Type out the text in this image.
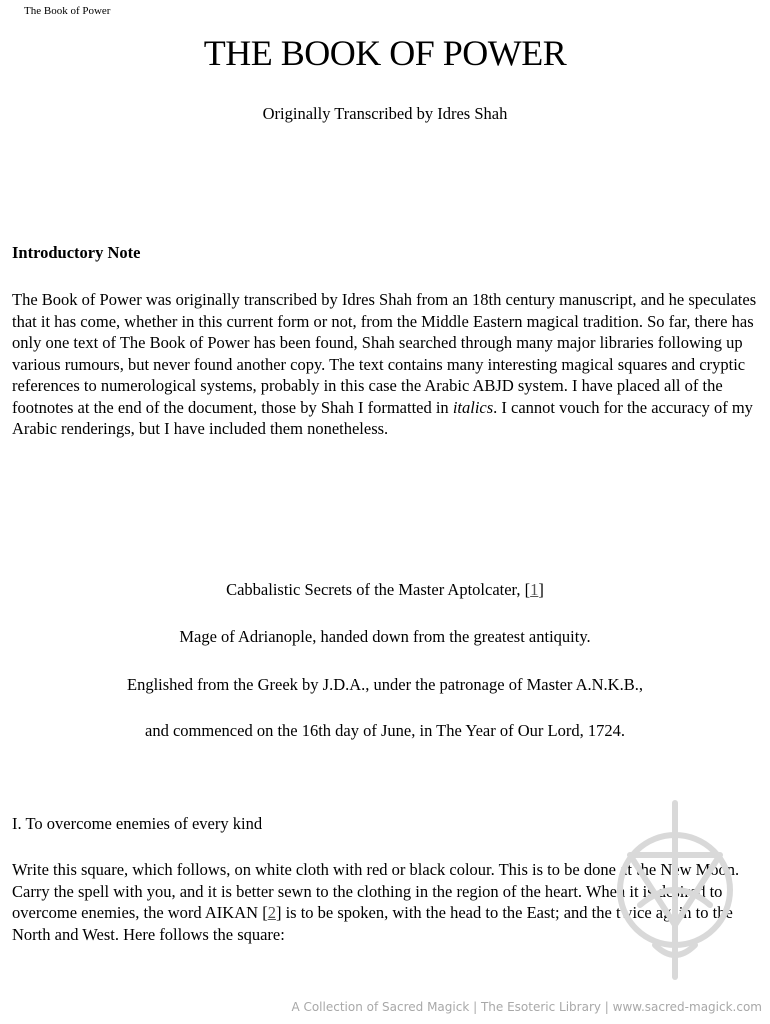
The Book of Power
THE BOOK OF POWER
Originally Transcribed by Idres Shah
Introductory Note
The Book of Power was originally transcribed by Idres Shah from an 18th century manuscript, and he speculates that it has come, whether in this current form or not, from the Middle Eastern magical tradition. So far, there has only one text of The Book of Power has been found, Shah searched through many major libraries following up various rumours, but never found another copy. The text contains many interesting magical squares and cryptic references to numerological systems, probably in this case the Arabic ABJD system. I have placed all of the footnotes at the end of the document, those by Shah I formatted in italics. I cannot vouch for the accuracy of my Arabic renderings, but I have included them nonetheless.
Cabbalistic Secrets of the Master Aptolcater, [1]
Mage of Adrianople, handed down from the greatest antiquity.
Englished from the Greek by J.D.A., under the patronage of Master A.N.K.B.,
and commenced on the 16th day of June, in The Year of Our Lord, 1724.
I. To overcome enemies of every kind
Write this square, which follows, on white cloth with red or black colour. This is to be done at the New Moon. Carry the spell with you, and it is better sewn to the clothing in the region of the heart. When it is desired to overcome enemies, the word AIKAN [2] is to be spoken, with the head to the East; and the twice again to the North and West. Here follows the square:
A Collection of Sacred Magick | The Esoteric Library | www.sacred-magick.com
